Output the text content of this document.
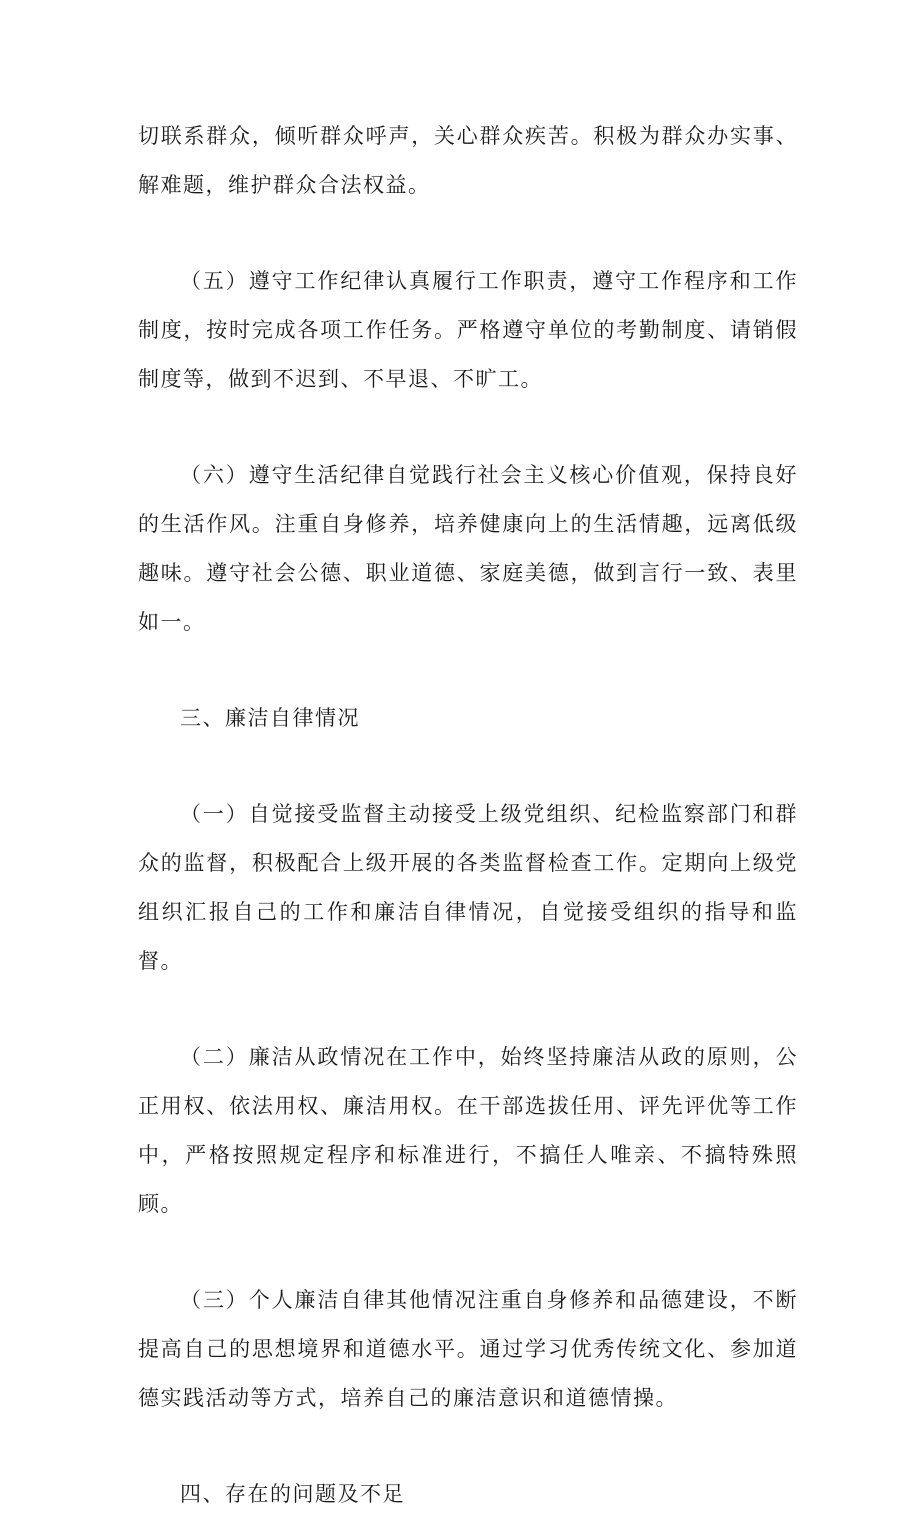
切联系群众，倾听群众呼声，关心群众疾苦。积极为群众办实事、解难题，维护群众合法权益。

（五）遵守工作纪律认真履行工作职责，遵守工作程序和工作制度，按时完成各项工作任务。严格遵守单位的考勤制度、请销假制度等，做到不迟到、不早退、不旷工。

（六）遵守生活纪律自觉践行社会主义核心价值观，保持良好的生活作风。注重自身修养，培养健康向上的生活情趣，远离低级趣味。遵守社会公德、职业道德、家庭美德，做到言行一致、表里如一。

三、廉洁自律情况

（一）自觉接受监督主动接受上级党组织、纪检监察部门和群众的监督，积极配合上级开展的各类监督检查工作。定期向上级党组织汇报自己的工作和廉洁自律情况，自觉接受组织的指导和监督。

（二）廉洁从政情况在工作中，始终坚持廉洁从政的原则，公正用权、依法用权、廉洁用权。在干部选拔任用、评先评优等工作中，严格按照规定程序和标准进行，不搞任人唯亲、不搞特殊照顾。

（三）个人廉洁自律其他情况注重自身修养和品德建设，不断提高自己的思想境界和道德水平。通过学习优秀传统文化、参加道德实践活动等方式，培养自己的廉洁意识和道德情操。

四、存在的问题及不足
